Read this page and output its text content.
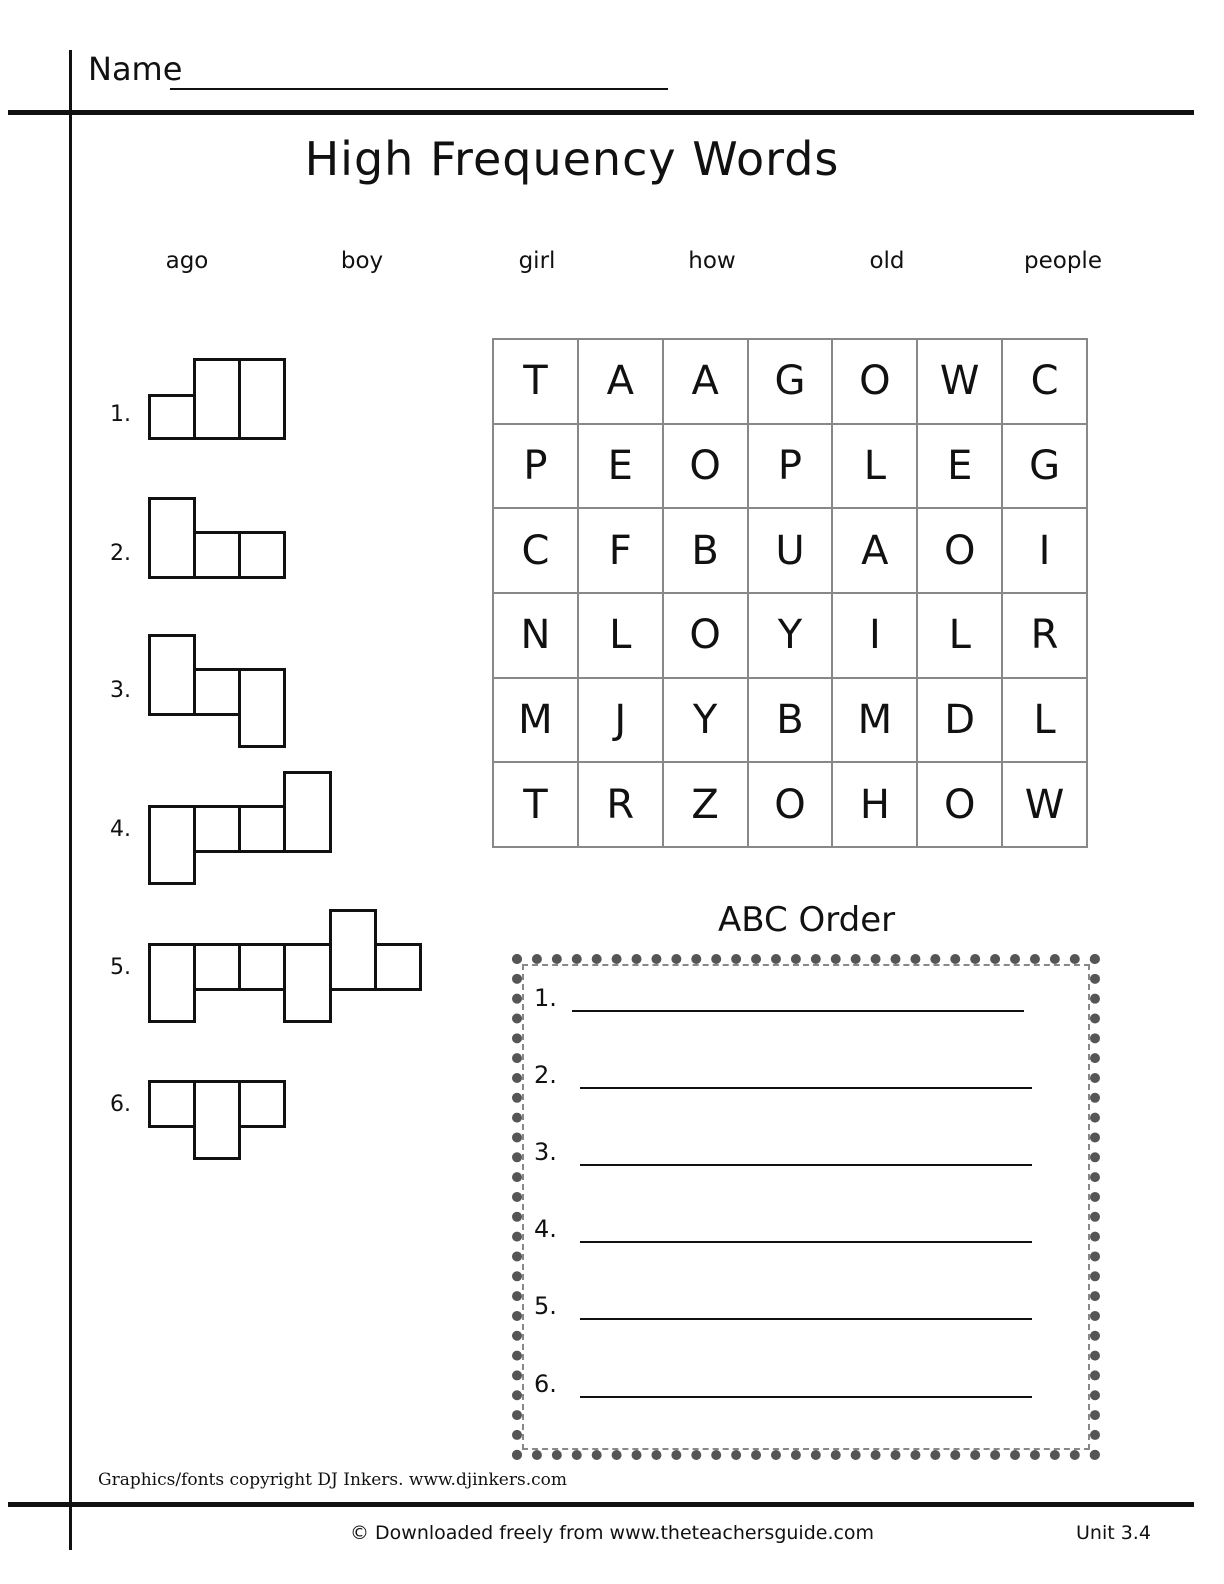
Name
High Frequency Words
ago	boy	girl	how	old	people
1.
2.
3.
4.
5.
6.
T	A	A	G	O	W	C
P	E	O	P	L	E	G
C	F	B	U	A	O	I
N	L	O	Y	I	L	R
M	J	Y	B	M	D	L
T	R	Z	O	H	O	W
ABC Order
1.
2.
3.
4.
5.
6.
Graphics/fonts copyright DJ Inkers. www.djinkers.com
© Downloaded freely from www.theteachersguide.com	Unit 3.4
